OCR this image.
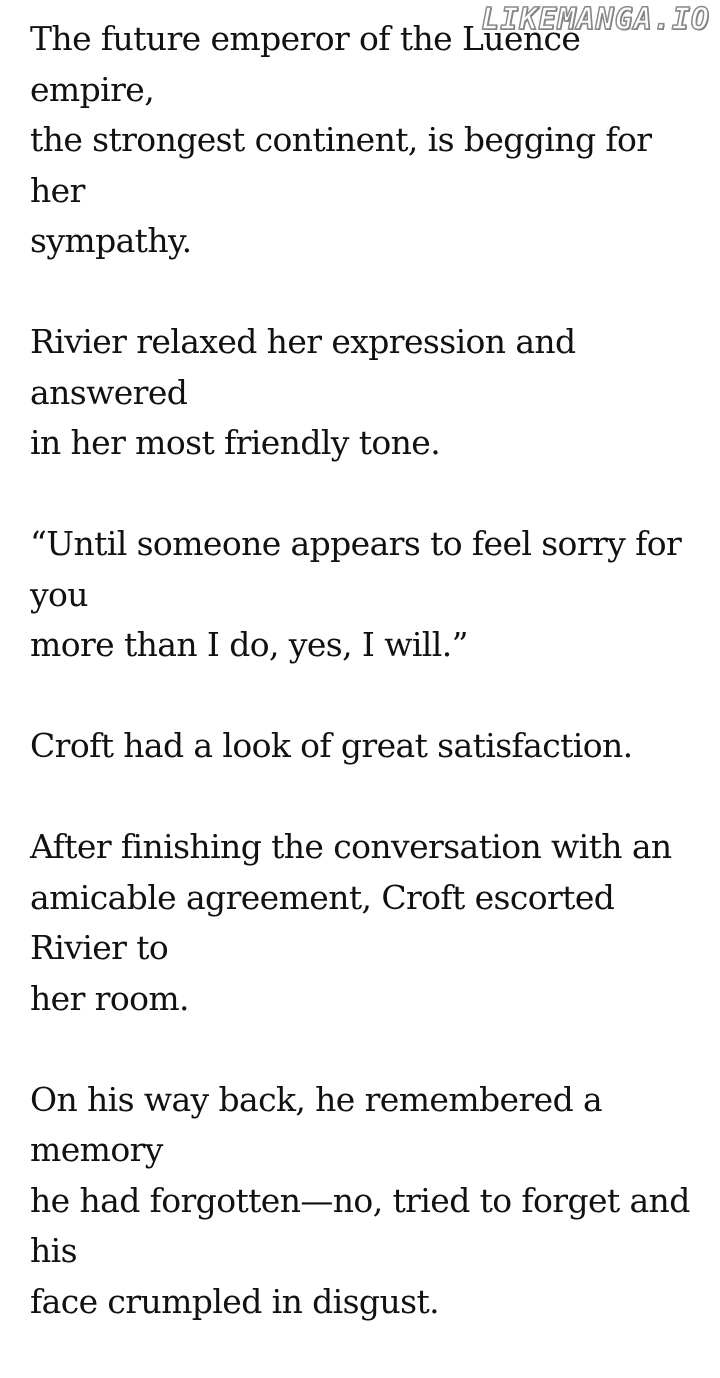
LIKEMANGA.IO

The future emperor of the Luence empire,
the strongest continent, is begging for her
sympathy.

Rivier relaxed her expression and answered
in her most friendly tone.

“Until someone appears to feel sorry for you
more than I do, yes, I will.”

Croft had a look of great satisfaction.

After finishing the conversation with an
amicable agreement, Croft escorted Rivier to
her room.

On his way back, he remembered a memory
he had forgotten—no, tried to forget and his
face crumpled in disgust.
